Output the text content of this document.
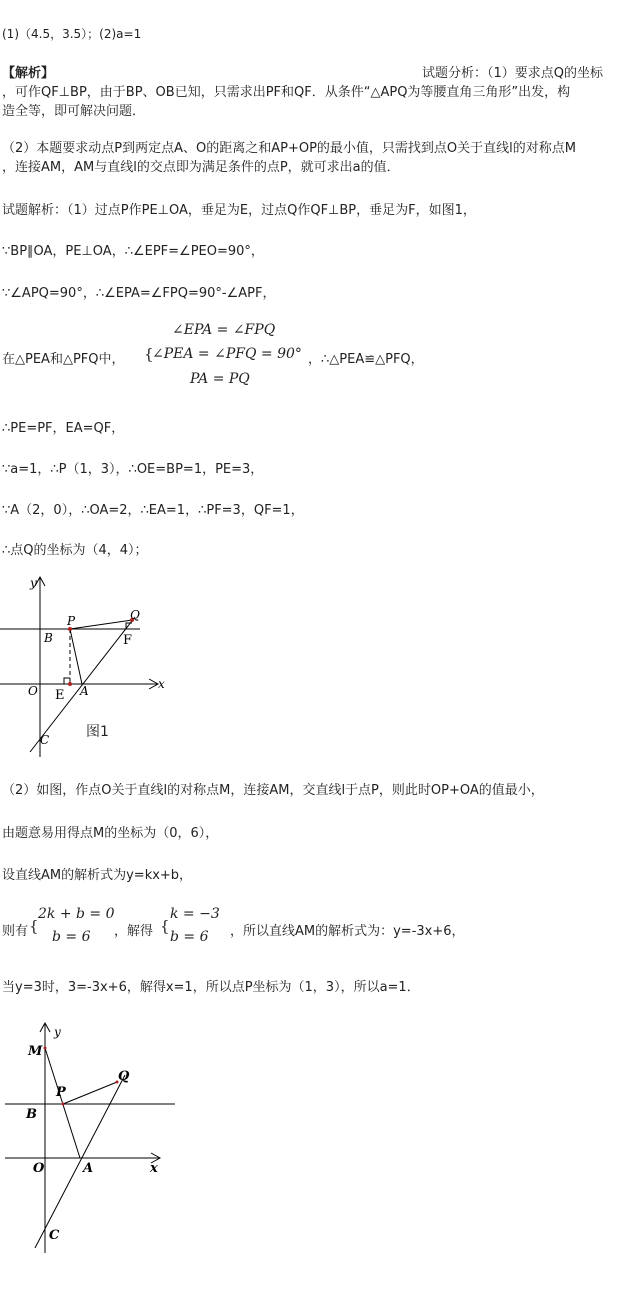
(1)（4.5，3.5）；(2)a=1
【解析】	试题分析：（1）要求点Q的坐标
，可作QF⊥BP，由于BP、OB已知，只需求出PF和QF．从条件“△APQ为等腰直角三角形”出发，构
造全等，即可解决问题．
（2）本题要求动点P到两定点A、O的距离之和AP+OP的最小值，只需找到点O关于直线l的对称点M
，连接AM，AM与直线l的交点即为满足条件的点P，就可求出a的值．
试题解析：（1）过点P作PE⊥OA，垂足为E，过点Q作QF⊥BP，垂足为F，如图1，
∵BP∥OA，PE⊥OA，∴∠EPF=∠PEO=90°，
∵∠APQ=90°，∴∠EPA=∠FPQ=90°-∠APF，
在△PEA和△PFQ中， {
∠EPA = ∠FPQ
∠PEA = ∠PFQ = 90°
PA = PQ
，∴△PEA≌△PFQ，
∴PE=PF，EA=QF，
∵a=1，∴P（1，3），∴OE=BP=1，PE=3，
∵A（2，0），∴OA=2，∴EA=1，∴PF=3，QF=1，
∴点Q的坐标为（4，4）；
y
x
O
B
P	Q
F
E A
C	图1
（2）如图，作点O关于直线l的对称点M，连接AM，交直线l于点P，则此时OP+OA的值最小，
由题意易用得点M的坐标为（0，6），
设直线AM的解析式为y=kx+b，
则有 {
2k + b = 0
b = 6 ，解得 {
k = −3
b = 6 ，所以直线AM的解析式为：y=-3x+6，
当y=3时，3=-3x+6，解得x=1，所以点P坐标为（1，3），所以a=1．
y
x
O
M
B
P
Q
A
C
